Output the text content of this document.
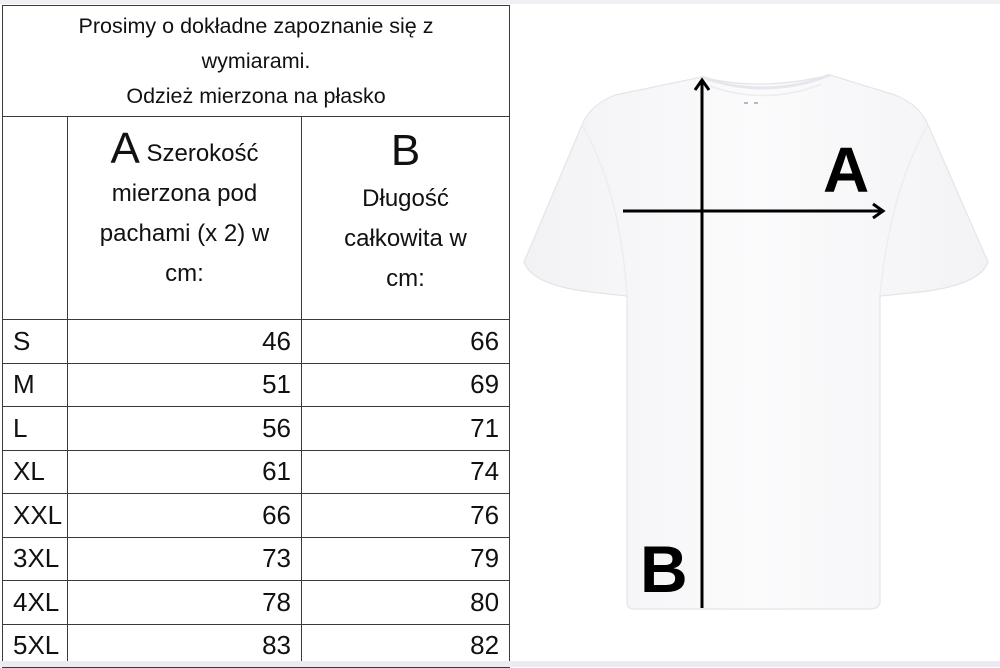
Prosimy o dokładne zapoznanie się z
wymiarami.
Odzież mierzona na płasko		

A Szerokość
mierzona pod
pachami (x 2) w
cm:

B
Długość
całkowita w
cm:

S	46	66
M	51	69
L	56	71
XL	61	74
XXL	66	76
3XL	73	79
4XL	78	80
5XL	83	82
A
B
